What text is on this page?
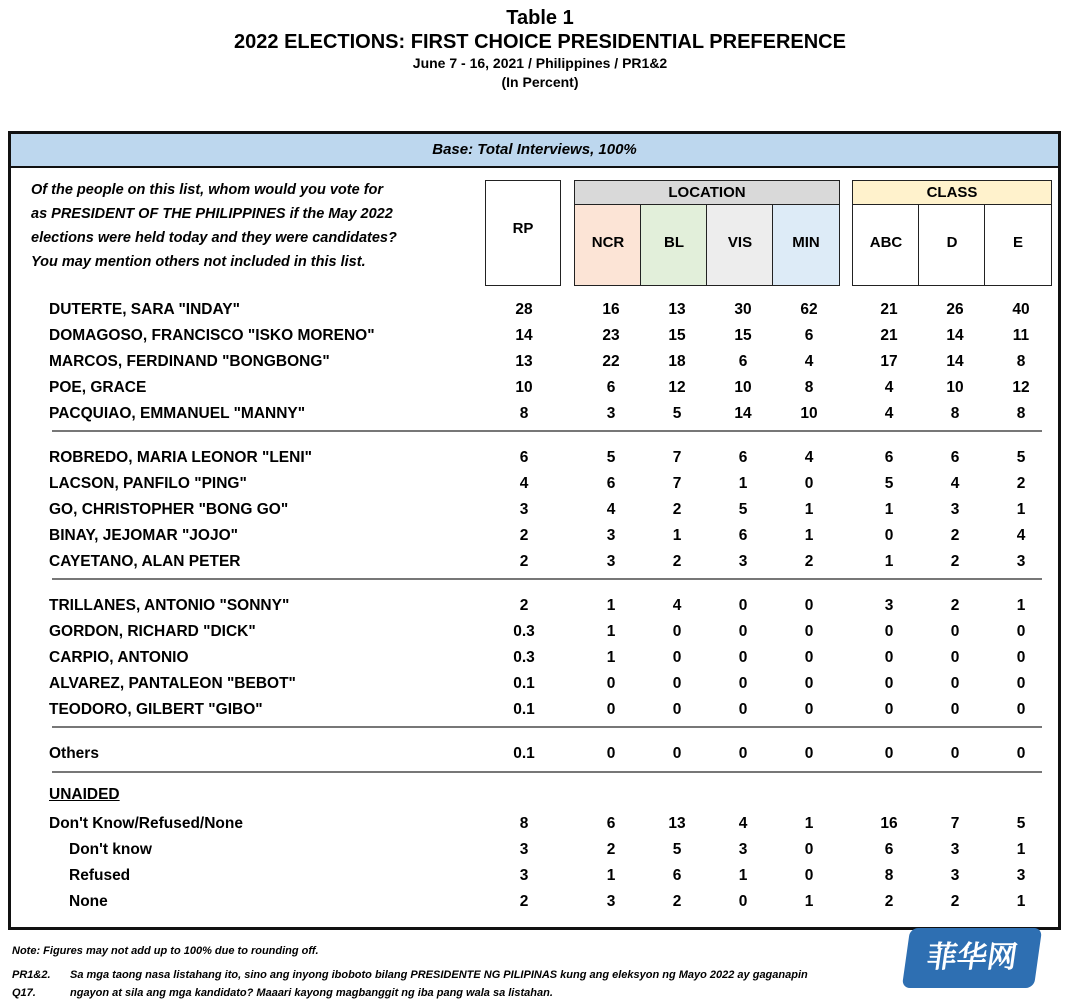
Table 1
2022 ELECTIONS: FIRST CHOICE PRESIDENTIAL PREFERENCE
June 7 - 16, 2021 / Philippines / PR1&2
(In Percent)
Base: Total Interviews, 100%
Of the people on this list, whom would you vote for
as PRESIDENT OF THE PHILIPPINES if the May 2022
elections were held today and they were candidates?
You may mention others not included in this list.
RP
LOCATION
NCR	BL	VIS	MIN
CLASS
ABC	D	E
DUTERTE, SARA "INDAY"	28	16	13	30	62	21	26	40
DOMAGOSO, FRANCISCO "ISKO MORENO"	14	23	15	15	6	21	14	11
MARCOS, FERDINAND "BONGBONG"	13	22	18	6	4	17	14	8
POE, GRACE	10	6	12	10	8	4	10	12
PACQUIAO, EMMANUEL "MANNY"	8	3	5	14	10	4	8	8
ROBREDO, MARIA LEONOR "LENI"	6	5	7	6	4	6	6	5
LACSON, PANFILO "PING"	4	6	7	1	0	5	4	2
GO, CHRISTOPHER "BONG GO"	3	4	2	5	1	1	3	1
BINAY, JEJOMAR "JOJO"	2	3	1	6	1	0	2	4
CAYETANO, ALAN PETER	2	3	2	3	2	1	2	3
TRILLANES, ANTONIO "SONNY"	2	1	4	0	0	3	2	1
GORDON, RICHARD "DICK"	0.3	1	0	0	0	0	0	0
CARPIO, ANTONIO	0.3	1	0	0	0	0	0	0
ALVAREZ, PANTALEON "BEBOT"	0.1	0	0	0	0	0	0	0
TEODORO, GILBERT "GIBO"	0.1	0	0	0	0	0	0	0
Others	0.1	0	0	0	0	0	0	0
UNAIDED
Don't Know/Refused/None	8	6	13	4	1	16	7	5
Don't know	3	2	5	3	0	6	3	1
Refused	3	1	6	1	0	8	3	3
None	2	3	2	0	1	2	2	1
Note: Figures may not add up to 100% due to rounding off.
PR1&2. Sa mga taong nasa listahang ito, sino ang inyong iboboto bilang PRESIDENTE NG PILIPINAS kung ang eleksyon ng Mayo 2022 ay gaganapin
Q17.	ngayon at sila ang mga kandidato? Maaari kayong magbanggit ng iba pang wala sa listahan.
菲华网
